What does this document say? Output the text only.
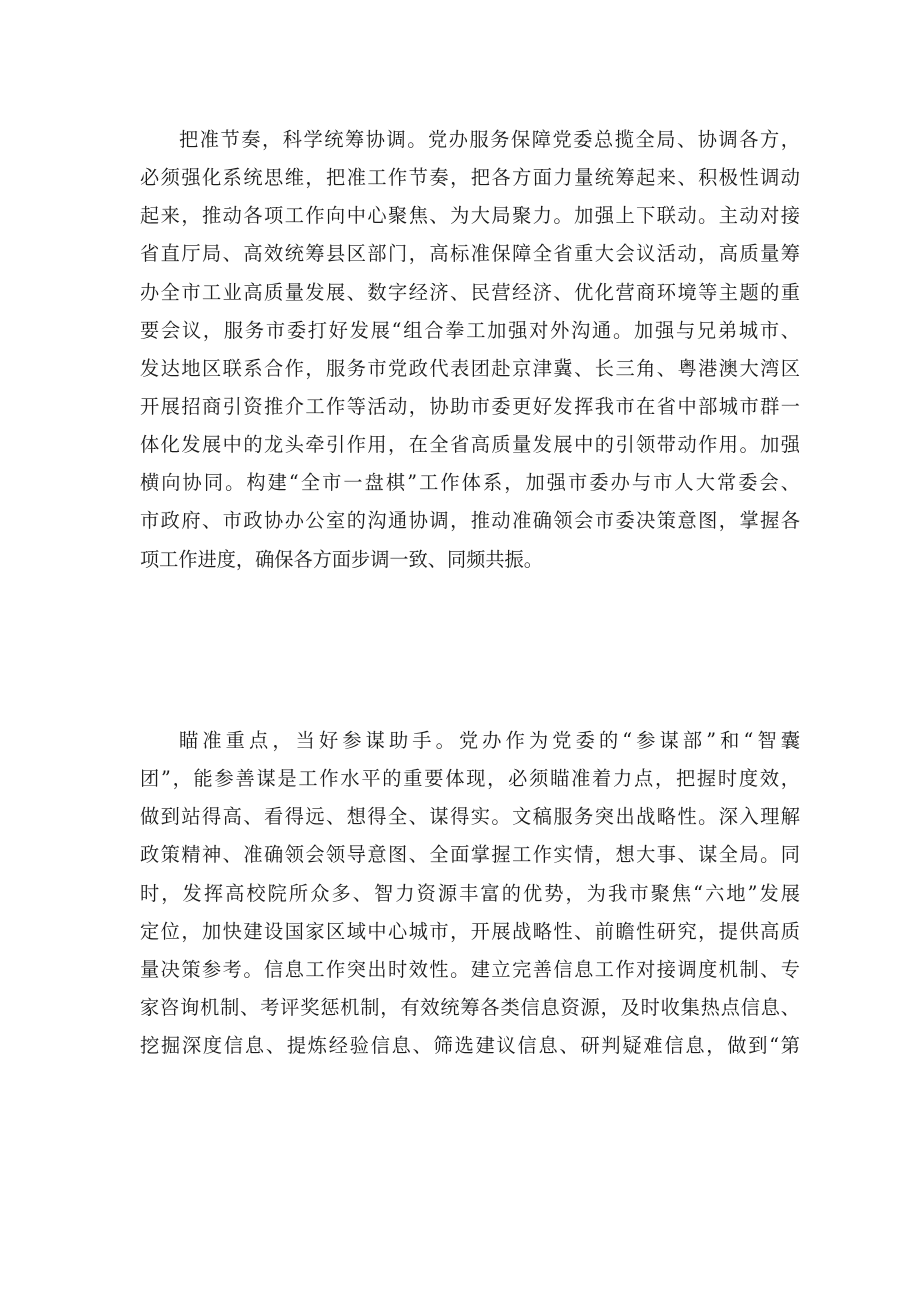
把准节奏，科学统筹协调。党办服务保障党委总揽全局、协调各方，
必须强化系统思维，把准工作节奏，把各方面力量统筹起来、积极性调动
起来，推动各项工作向中心聚焦、为大局聚力。加强上下联动。主动对接
省直厅局、高效统筹县区部门，高标准保障全省重大会议活动，高质量筹
办全市工业高质量发展、数字经济、民营经济、优化营商环境等主题的重
要会议，服务市委打好发展“组合拳工加强对外沟通。加强与兄弟城市、
发达地区联系合作，服务市党政代表团赴京津冀、长三角、粤港澳大湾区
开展招商引资推介工作等活动，协助市委更好发挥我市在省中部城市群一
体化发展中的龙头牵引作用，在全省高质量发展中的引领带动作用。加强
横向协同。构建“全市一盘棋”工作体系，加强市委办与市人大常委会、
市政府、市政协办公室的沟通协调，推动准确领会市委决策意图，掌握各
项工作进度，确保各方面步调一致、同频共振。
瞄准重点，当好参谋助手。党办作为党委的“参谋部”和“智囊
团”，能参善谋是工作水平的重要体现，必须瞄准着力点，把握时度效，
做到站得高、看得远、想得全、谋得实。文稿服务突出战略性。深入理解
政策精神、准确领会领导意图、全面掌握工作实情，想大事、谋全局。同
时，发挥高校院所众多、智力资源丰富的优势，为我市聚焦“六地”发展
定位，加快建设国家区域中心城市，开展战略性、前瞻性研究，提供高质
量决策参考。信息工作突出时效性。建立完善信息工作对接调度机制、专
家咨询机制、考评奖惩机制，有效统筹各类信息资源，及时收集热点信息、
挖掘深度信息、提炼经验信息、筛选建议信息、研判疑难信息，做到“第
